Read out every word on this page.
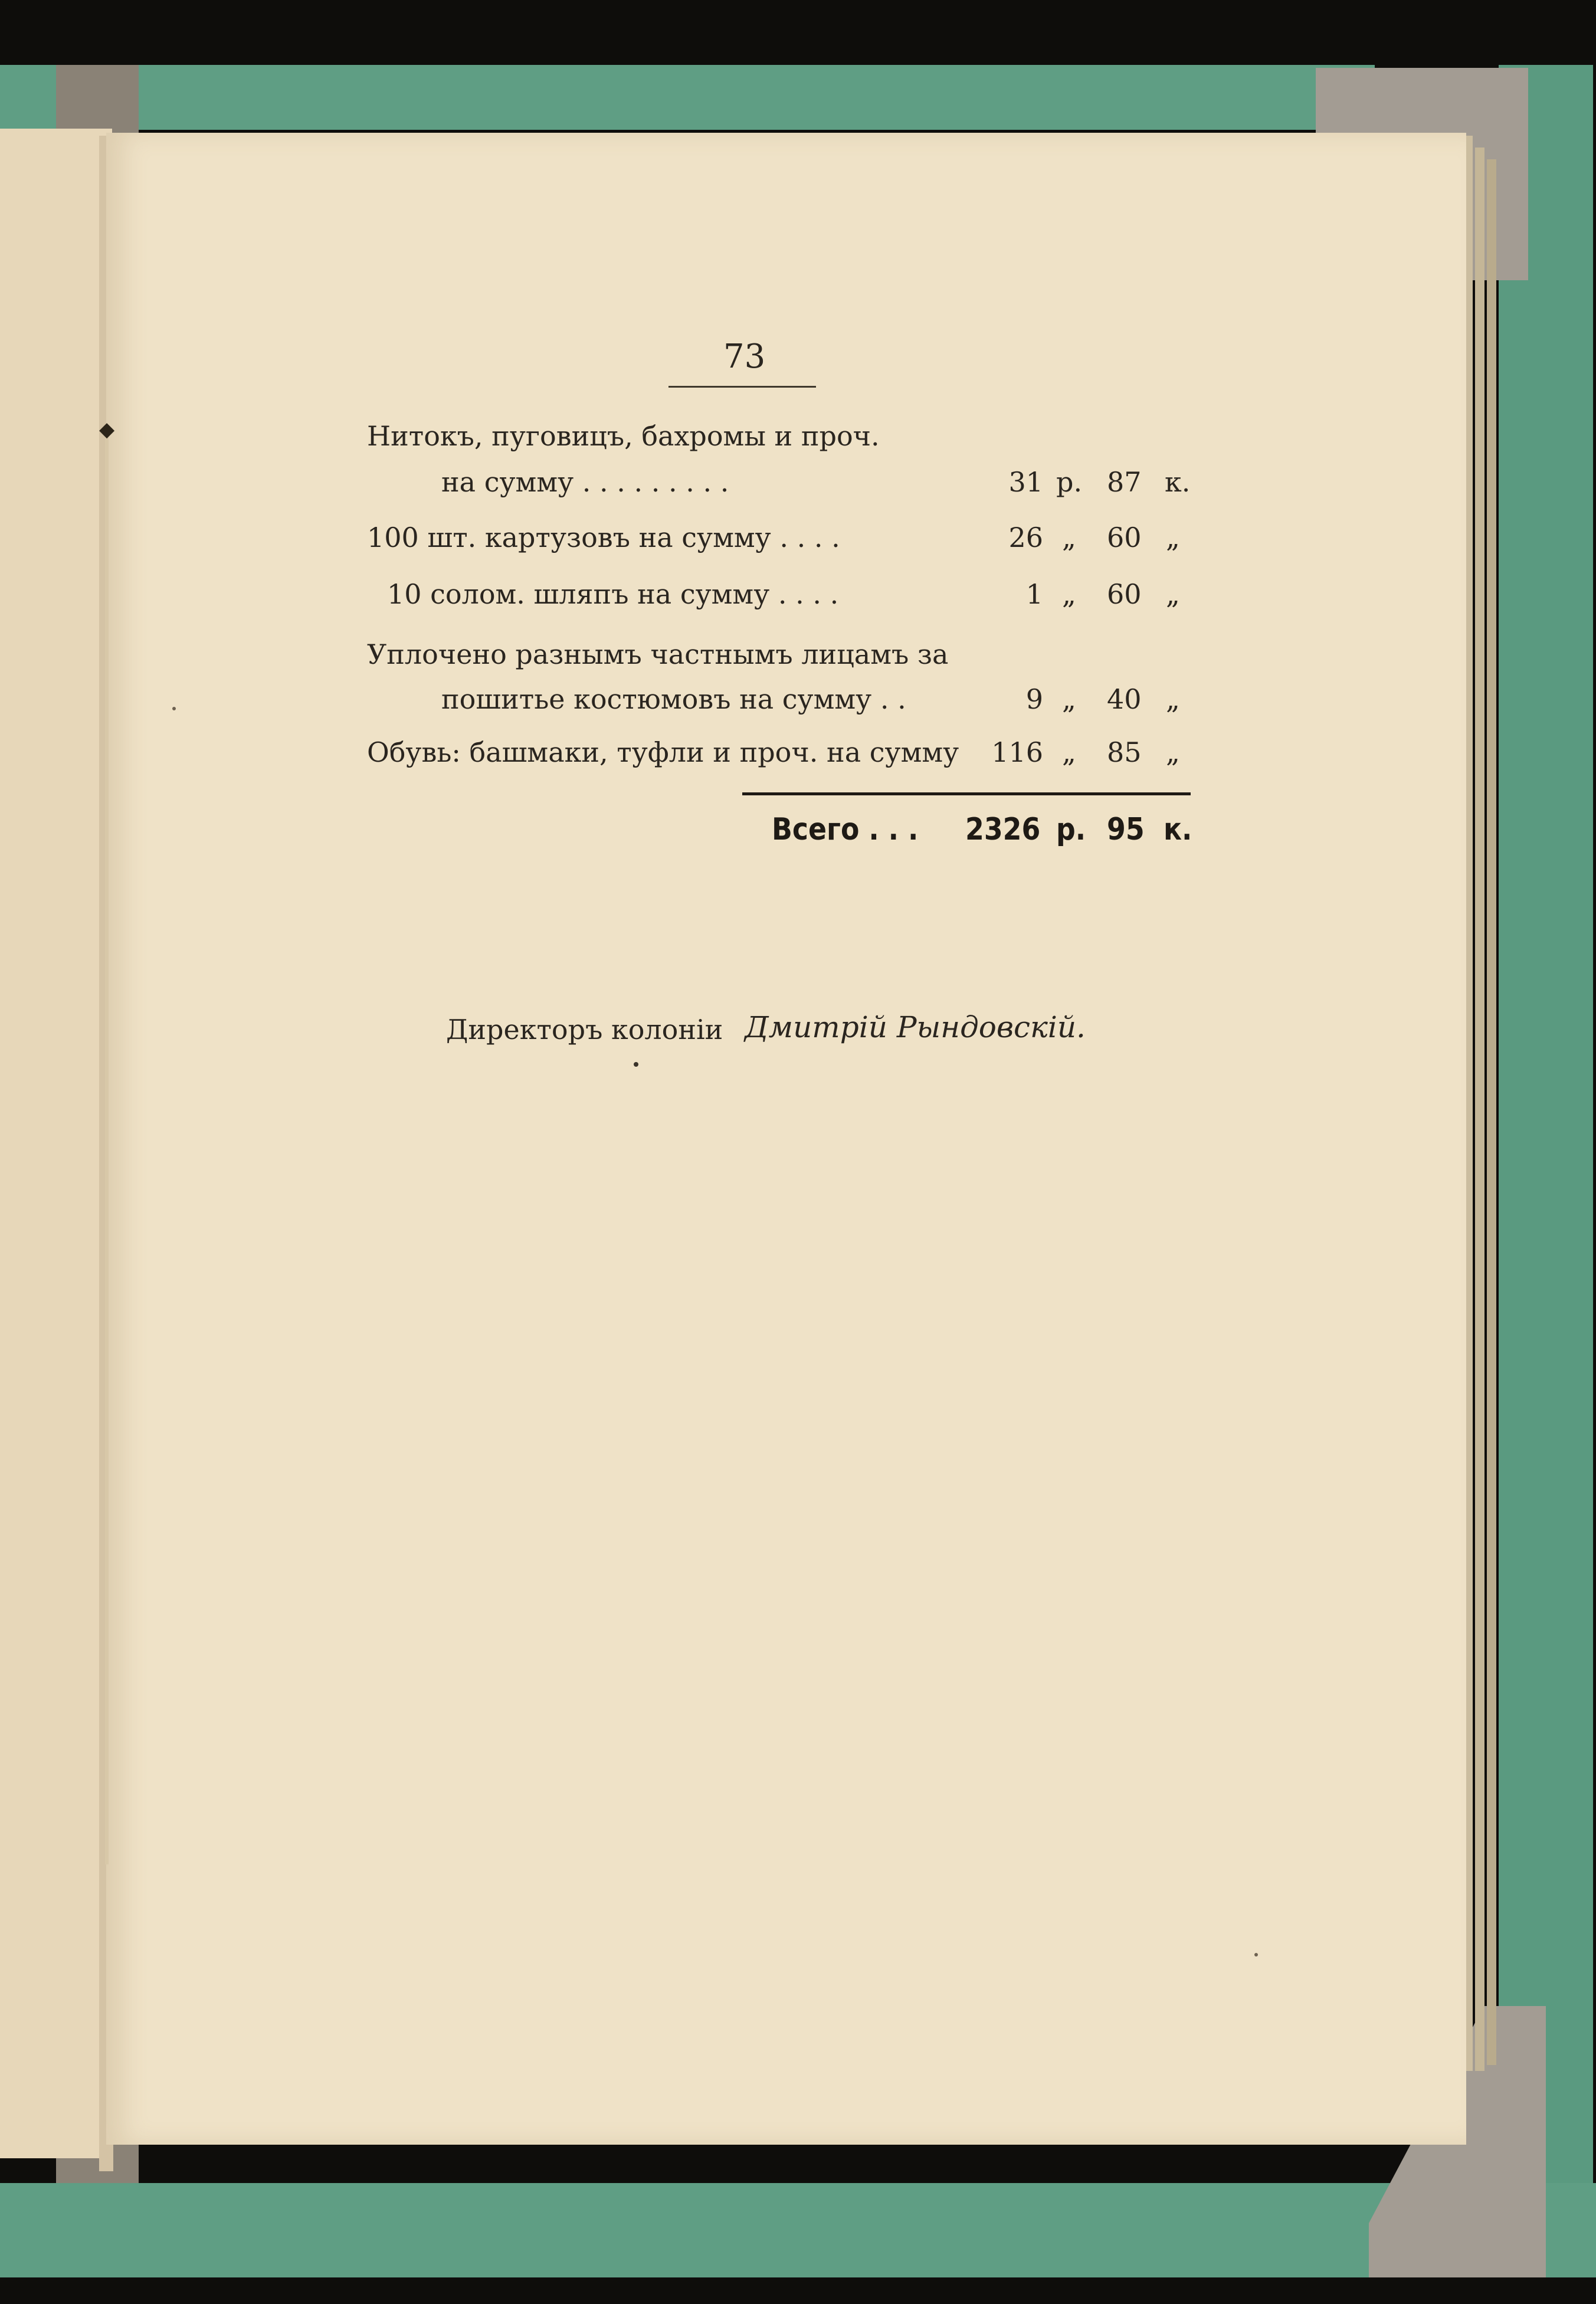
◆
73
Нитокъ, пуговицъ, бахромы и проч.
на сумму . . . . . . . . .	31 р. 87 к.
100 шт. картузовъ на сумму . . . .	26 „ 60 „
10 солом. шляпъ на сумму . . . .	1 „ 60 „
Уплочено разнымъ частнымъ лицамъ за
пошитье костюмовъ на сумму . .	9 „ 40 „
Обувь: башмаки, туфли и проч. на сумму	116 „ 85 „
Всего . . . 2326 р. 95 к.
Директоръ колоніи Дмитрій Рындовскій.
